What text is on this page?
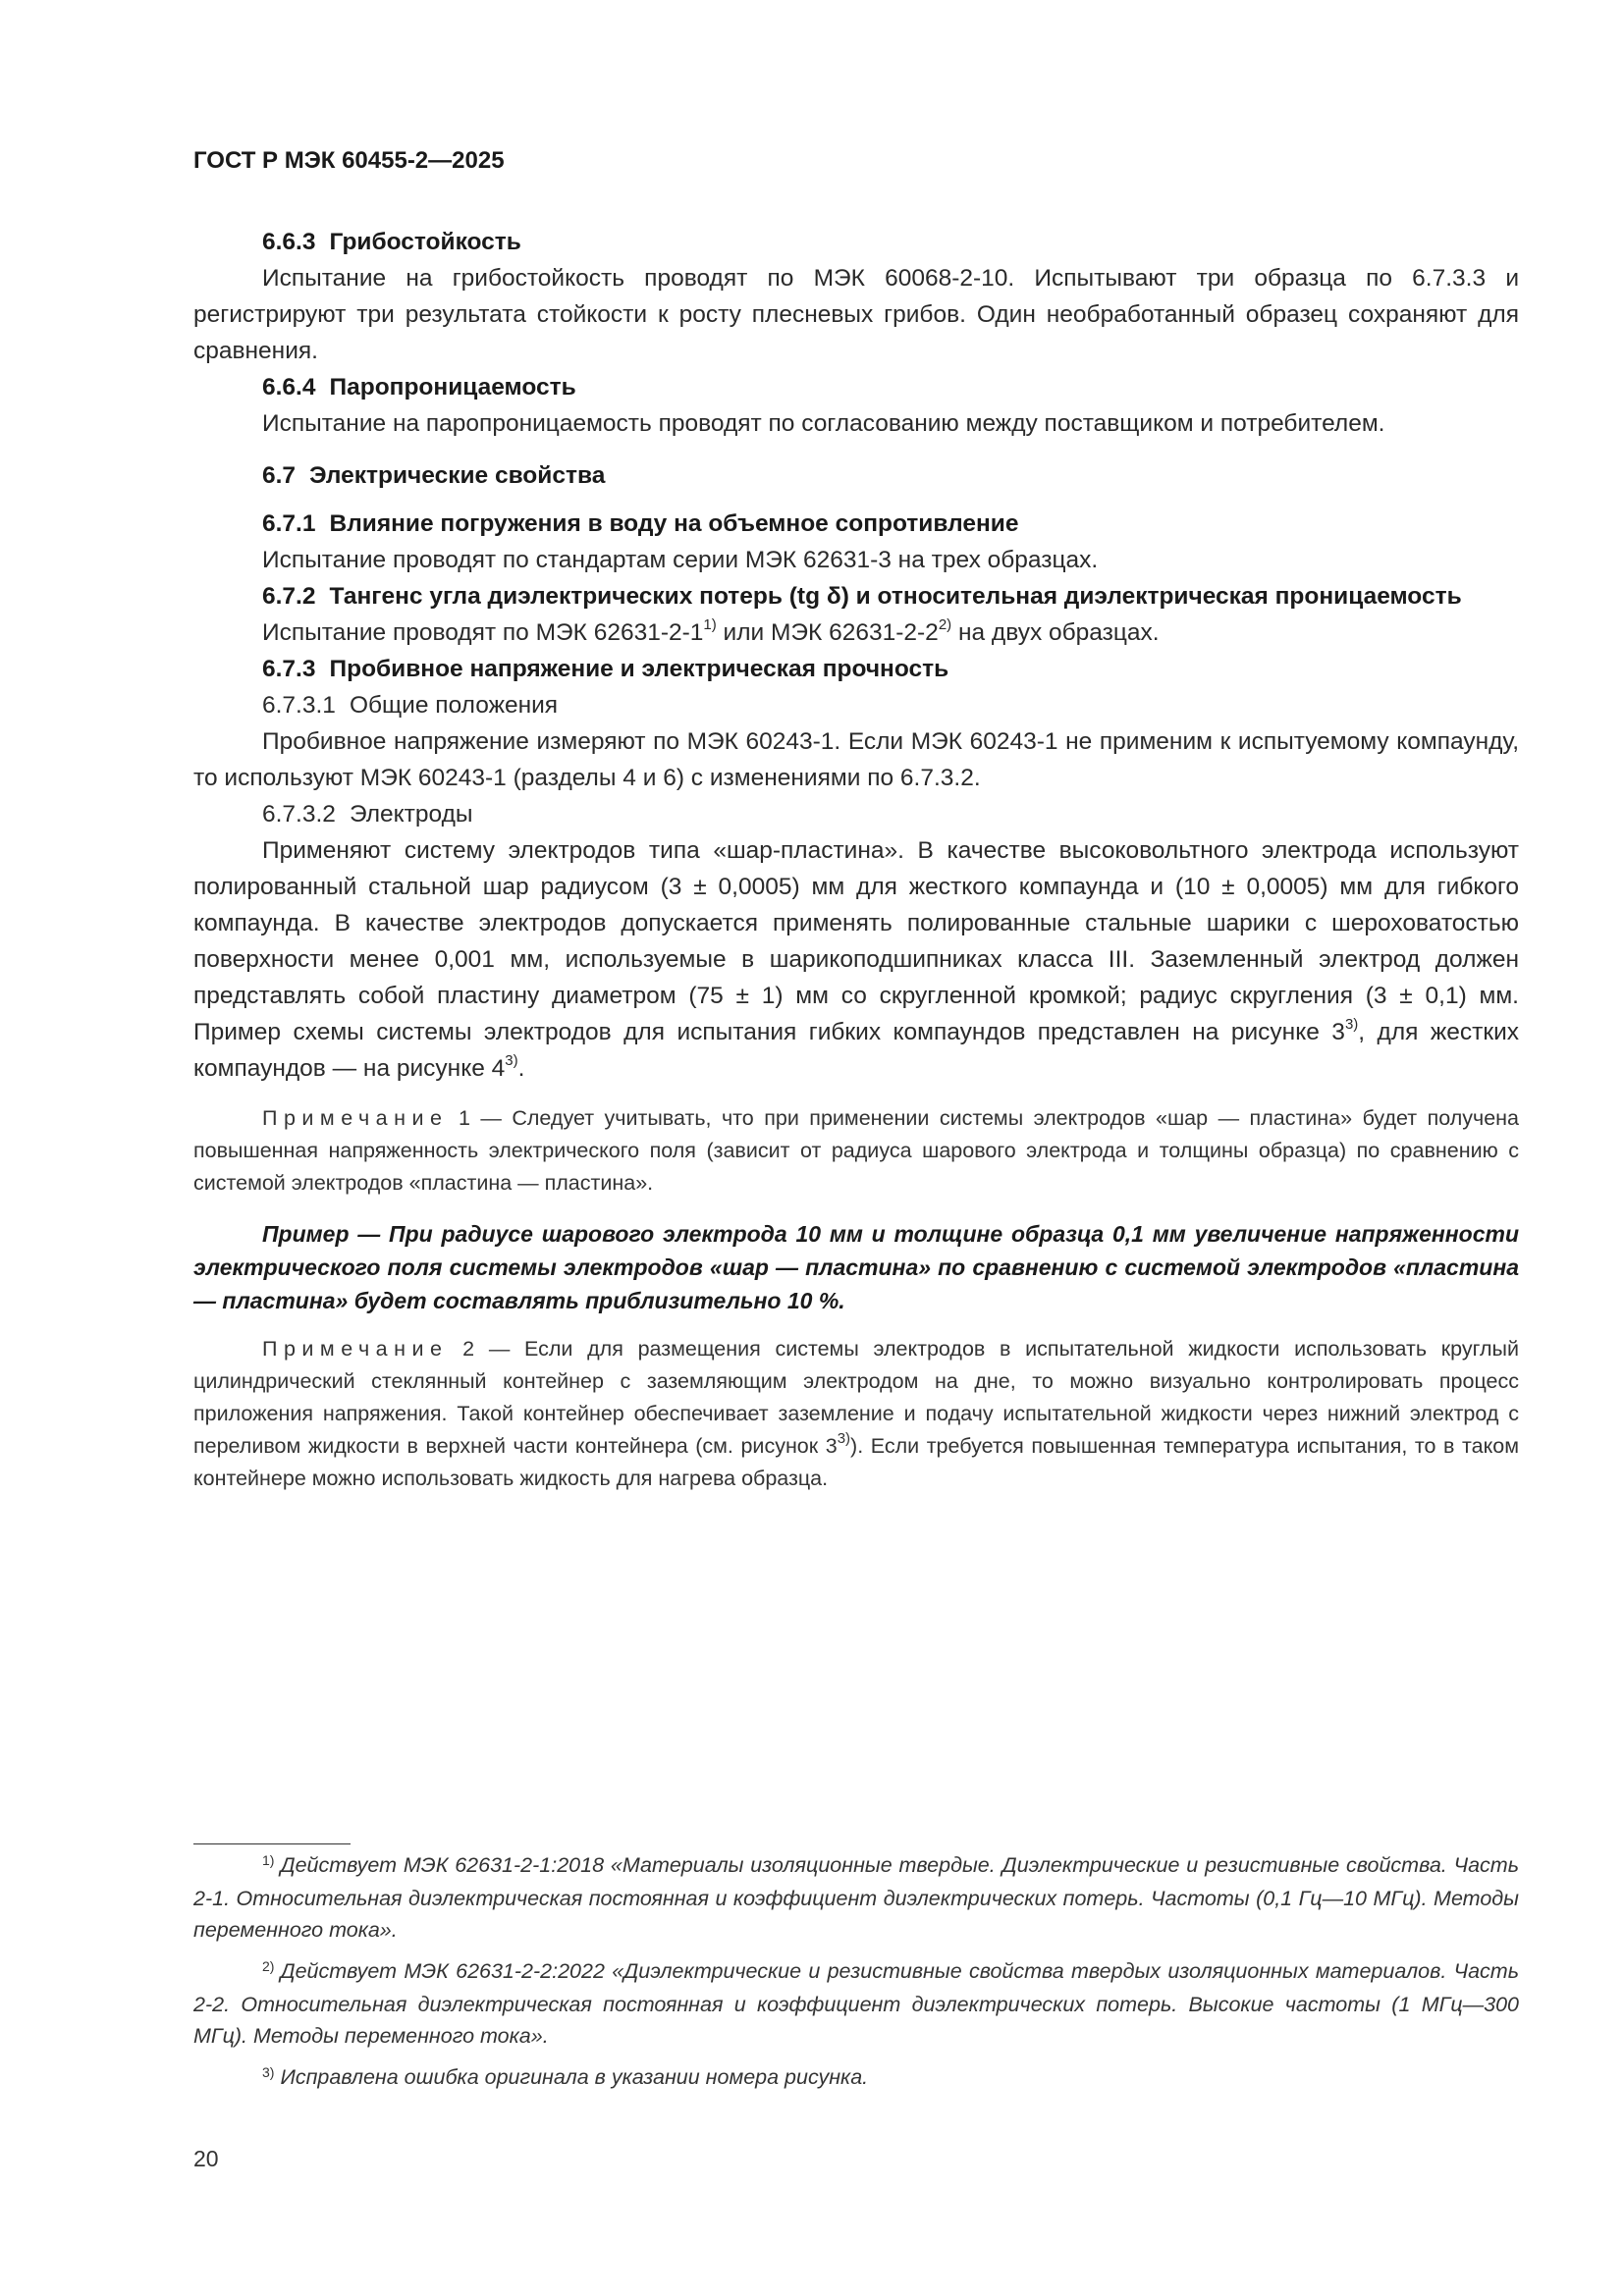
ГОСТ Р МЭК 60455-2—2025

6.6.3 Грибостойкость

Испытание на грибостойкость проводят по МЭК 60068-2-10. Испытывают три образца по 6.7.3.3 и регистрируют три результата стойкости к росту плесневых грибов. Один необработанный образец сохраняют для сравнения.

6.6.4 Паропроницаемость

Испытание на паропроницаемость проводят по согласованию между поставщиком и потребителем.

6.7 Электрические свойства

6.7.1 Влияние погружения в воду на объемное сопротивление

Испытание проводят по стандартам серии МЭК 62631-3 на трех образцах.

6.7.2 Тангенс угла диэлектрических потерь (tg δ) и относительная диэлектрическая проницаемость

Испытание проводят по МЭК 62631-2-1$^{1)}$ или МЭК 62631-2-2$^{2)}$ на двух образцах.

6.7.3 Пробивное напряжение и электрическая прочность

6.7.3.1 Общие положения

Пробивное напряжение измеряют по МЭК 60243-1. Если МЭК 60243-1 не применим к испытуемому компаунду, то используют МЭК 60243-1 (разделы 4 и 6) с изменениями по 6.7.3.2.

6.7.3.2 Электроды

Применяют систему электродов типа «шар-пластина». В качестве высоковольтного электрода используют полированный стальной шар радиусом (3 ± 0,0005) мм для жесткого компаунда и (10 ± 0,0005) мм для гибкого компаунда. В качестве электродов допускается применять полированные стальные шарики с шероховатостью поверхности менее 0,001 мм, используемые в шарикоподшипниках класса III. Заземленный электрод должен представлять собой пластину диаметром (75 ± 1) мм со скругленной кромкой; радиус скругления (3 ± 0,1) мм. Пример схемы системы электродов для испытания гибких компаундов представлен на рисунке 3$^{3)}$, для жестких компаундов — на рисунке 4$^{3)}$.

Примечание 1 — Следует учитывать, что при применении системы электродов «шар — пластина» будет получена повышенная напряженность электрического поля (зависит от радиуса шарового электрода и толщины образца) по сравнению с системой электродов «пластина — пластина».

Пример — При радиусе шарового электрода 10 мм и толщине образца 0,1 мм увеличение напряженности электрического поля системы электродов «шар — пластина» по сравнению с системой электродов «пластина — пластина» будет составлять приблизительно 10 %.

Примечание 2 — Если для размещения системы электродов в испытательной жидкости использовать круглый цилиндрический стеклянный контейнер с заземляющим электродом на дне, то можно визуально контролировать процесс приложения напряжения. Такой контейнер обеспечивает заземление и подачу испытательной жидкости через нижний электрод с переливом жидкости в верхней части контейнера (см. рисунок 3$^{3)}$). Если требуется повышенная температура испытания, то в таком контейнере можно использовать жидкость для нагрева образца.

$^{1)}$ Действует МЭК 62631-2-1:2018 «Материалы изоляционные твердые. Диэлектрические и резистивные свойства. Часть 2-1. Относительная диэлектрическая постоянная и коэффициент диэлектрических потерь. Частоты (0,1 Гц—10 МГц). Методы переменного тока».

$^{2)}$ Действует МЭК 62631-2-2:2022 «Диэлектрические и резистивные свойства твердых изоляционных материалов. Часть 2-2. Относительная диэлектрическая постоянная и коэффициент диэлектрических потерь. Высокие частоты (1 МГц—300 МГц). Методы переменного тока».

$^{3)}$ Исправлена ошибка оригинала в указании номера рисунка.

20
